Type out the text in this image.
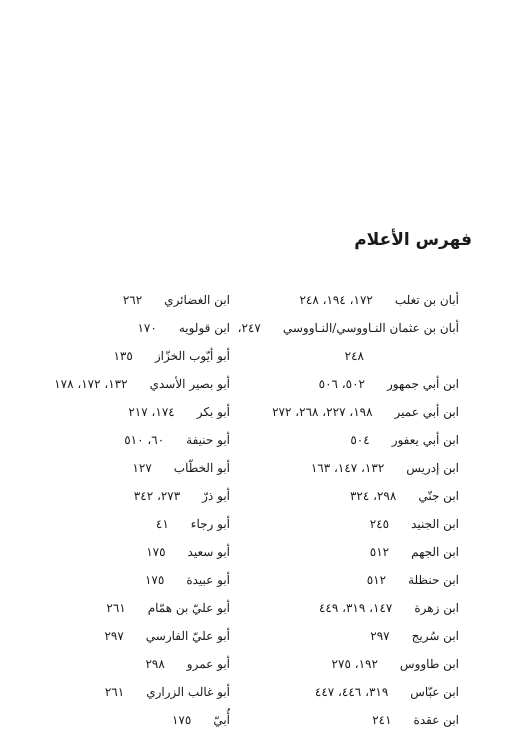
فهرس الأعلام
أبان بن تغلب١٧٢، ١٩٤، ٢٤٨
أبان بن عثمان النـاووسي/النـاووسي٢٤٧،
٢٤٨
ابن أبي جمهور٥٠٢، ٥٠٦
ابن أبي عمير١٩٨، ٢٢٧، ٢٦٨، ٢٧٢
ابن أبي يعفور٥٠٤
ابن إدريس١٣٢، ١٤٧، ١٦٣
ابن جنّي٢٩٨، ٣٢٤
ابن الجنيد٢٤٥
ابن الجهم٥١٢
ابن حنظلة٥١٢
ابن زهرة١٤٧، ٣١٩، ٤٤٩
ابن سُريج٢٩٧
ابن طاووس١٩٢، ٢٧٥
ابن عبّاس٣١٩، ٤٤٦، ٤٤٧
ابن عقدة٢٤١
ابن الغضائري٢٦٢
ابن قولويه١٧٠
أبو أيّوب الخزّاز١٣٥
أبو بصير الأسدي١٣٢، ١٧٢، ١٧٨
أبو بكر١٧٤، ٢١٧
أبو حنيفة٦٠، ٥١٠
أبو الخطّاب١٢٧
أبو ذرّ٢٧٣، ٣٤٢
أبو رجاء٤١
أبو سعيد١٧٥
أبو عبيدة١٧٥
أبو عليّ بن همّام٢٦١
أبو عليّ الفارسي٢٩٧
أبو عمرو٢٩٨
أبو غالب الزراري٢٦١
أُبيّ١٧٥
